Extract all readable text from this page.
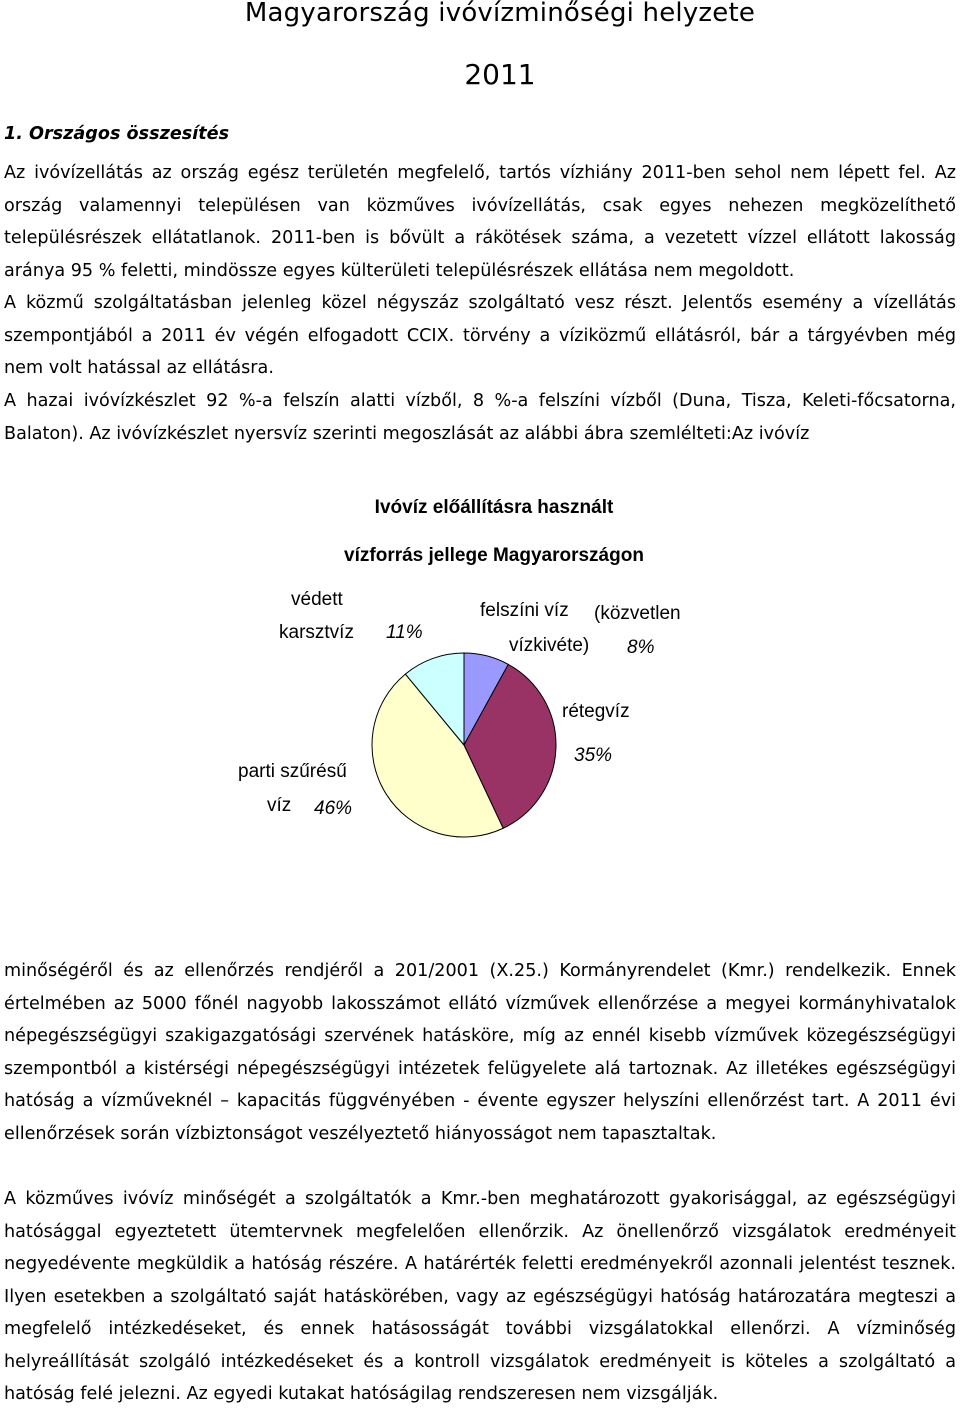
Magyarország ivóvízminőségi helyzete
2011
1. Országos összesítés

Az ivóvízellátás az ország egész területén megfelelő, tartós vízhiány 2011-ben sehol nem lépett fel. Az ország valamennyi településen van közműves ivóvízellátás, csak egyes nehezen megközelíthető településrészek ellátatlanok. 2011-ben is bővült a rákötések száma, a vezetett vízzel ellátott lakosság aránya 95 % feletti, mindössze egyes külterületi településrészek ellátása nem megoldott.

A közmű szolgáltatásban jelenleg közel négyszáz szolgáltató vesz részt. Jelentős esemény a vízellátás szempontjából a 2011 év végén elfogadott CCIX. törvény a víziközmű ellátásról, bár a tárgyévben még nem volt hatással az ellátásra.

A hazai ivóvízkészlet 92 %-a felszín alatti vízből, 8 %-a felszíni vízből (Duna, Tisza, Keleti-főcsatorna, Balaton). Az ivóvízkészlet nyersvíz szerinti megoszlását az alábbi ábra szemlélteti:Az ivóvíz

Ivóvíz előállításra használt
vízforrás jellege Magyarországon
felszíni víz (közvetlen
vízkivéte) 8%
rétegvíz
35%
parti szűrésű
víz 46%
védett
karsztvíz 11%

minőségéről és az ellenőrzés rendjéről a 201/2001 (X.25.) Kormányrendelet (Kmr.) rendelkezik. Ennek értelmében az 5000 főnél nagyobb lakosszámot ellátó vízművek ellenőrzése a megyei kormányhivatalok népegészségügyi szakigazgatósági szervének hatásköre, míg az ennél kisebb vízművek közegészségügyi szempontból a kistérségi népegészségügyi intézetek felügyelete alá tartoznak. Az illetékes egészségügyi hatóság a vízműveknél – kapacitás függvényében - évente egyszer helyszíni ellenőrzést tart. A 2011 évi ellenőrzések során vízbiztonságot veszélyeztető hiányosságot nem tapasztaltak.

A közműves ivóvíz minőségét a szolgáltatók a Kmr.-ben meghatározott gyakorisággal, az egészségügyi hatósággal egyeztetett ütemtervnek megfelelően ellenőrzik. Az önellenőrző vizsgálatok eredményeit negyedévente megküldik a hatóság részére. A határérték feletti eredményekről azonnali jelentést tesznek. Ilyen esetekben a szolgáltató saját hatáskörében, vagy az egészségügyi hatóság határozatára megteszi a megfelelő intézkedéseket, és ennek hatásosságát további vizsgálatokkal ellenőrzi. A vízminőség helyreállítását szolgáló intézkedéseket és a kontroll vizsgálatok eredményeit is köteles a szolgáltató a hatóság felé jelezni. Az egyedi kutakat hatóságilag rendszeresen nem vizsgálják.
